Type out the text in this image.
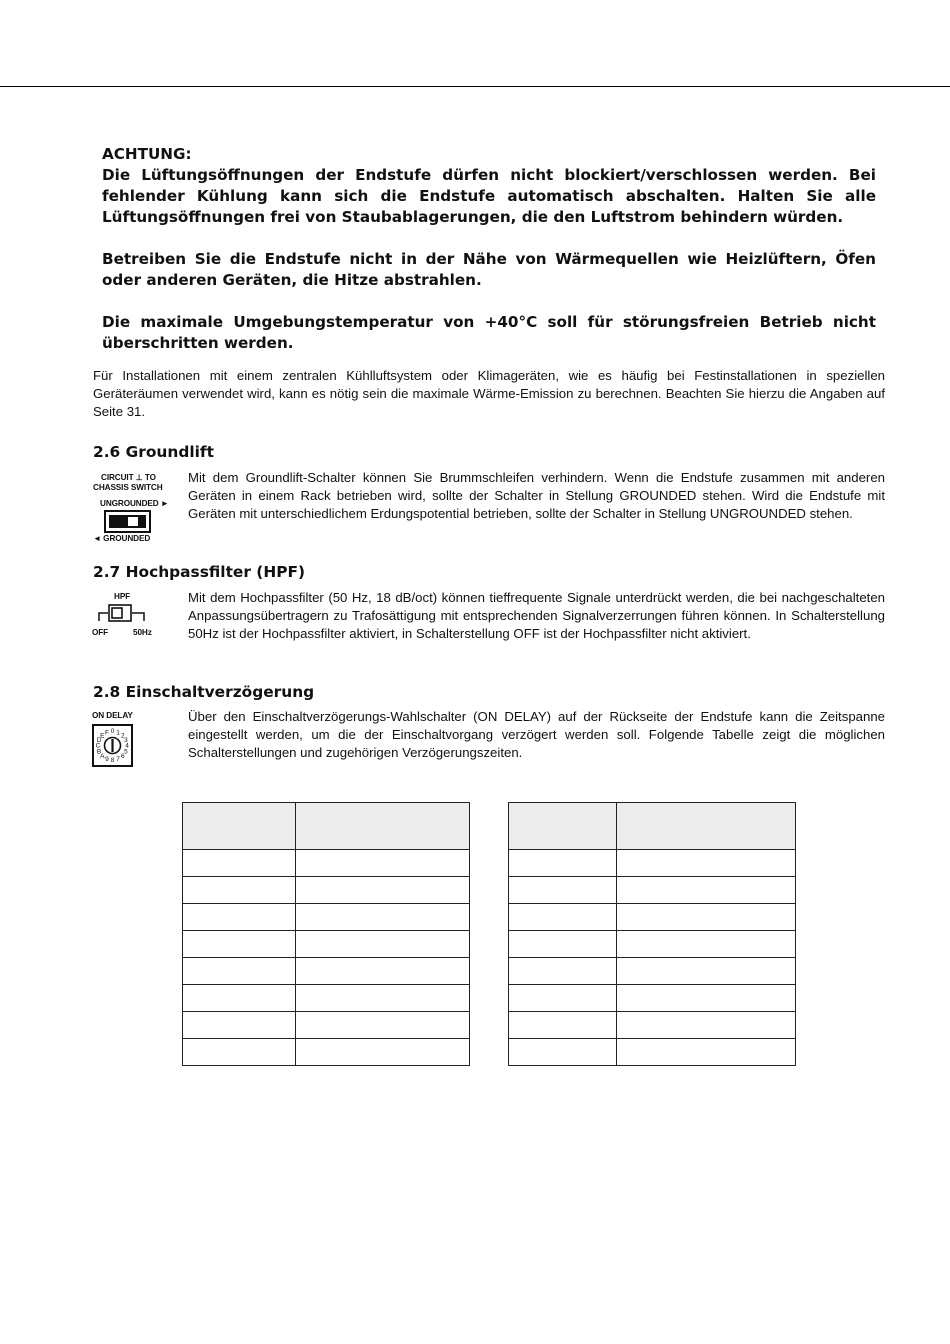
ACHTUNG:

Die Lüftungsöffnungen der Endstufe dürfen nicht blockiert/verschlossen werden. Bei fehlender Kühlung kann sich die Endstufe automatisch abschalten. Halten Sie alle Lüftungsöffnungen frei von Staubablagerungen, die den Luftstrom behindern würden.

Betreiben Sie die Endstufe nicht in der Nähe von Wärmequellen wie Heizlüftern, Öfen oder anderen Geräten, die Hitze abstrahlen.

Die maximale Umgebungstemperatur von +40°C soll für störungsfreien Betrieb nicht überschritten werden.

Für Installationen mit einem zentralen Kühlluftsystem oder Klimageräten, wie es häufig bei Festinstallationen in speziellen Geräteräumen verwendet wird, kann es nötig sein die maximale Wärme-Emission zu berechnen. Beachten Sie hierzu die Angaben auf Seite 31.

2.6 Groundlift
CIRCUIT ⊥ TO
CHASSIS SWITCH
UNGROUNDED ►
◄ GROUNDED

Mit dem Groundlift-Schalter können Sie Brummschleifen verhindern. Wenn die Endstufe zusammen mit anderen Geräten in einem Rack betrieben wird, sollte der Schalter in Stellung GROUNDED stehen. Wird die Endstufe mit Geräten mit unterschiedlichem Erdungspotential betrieben, sollte der Schalter in Stellung UNGROUNDED stehen.

2.7 Hochpassfilter (HPF)
HPF
OFF	50Hz

Mit dem Hochpassfilter (50 Hz, 18 dB/oct) können tieffrequente Signale unterdrückt werden, die bei nachgeschalteten Anpassungsübertragern zu Trafosättigung mit entsprechenden Signalverzerrungen führen können. In Schalterstellung 50Hz ist der Hochpassfilter aktiviert, in Schalterstellung OFF ist der Hochpassfilter nicht aktiviert.

2.8 Einschaltverzögerung
ON DELAY
0 1 2
3
4
5
6
7
8
9
A
B
C
D
E F

Über den Einschaltverzögerungs-Wahlschalter (ON DELAY) auf der Rückseite der Endstufe kann die Zeitspanne eingestellt werden, um die der Einschaltvorgang verzögert werden soll. Folgende Tabelle zeigt die möglichen Schalterstellungen und zugehörigen Verzögerungszeiten.
